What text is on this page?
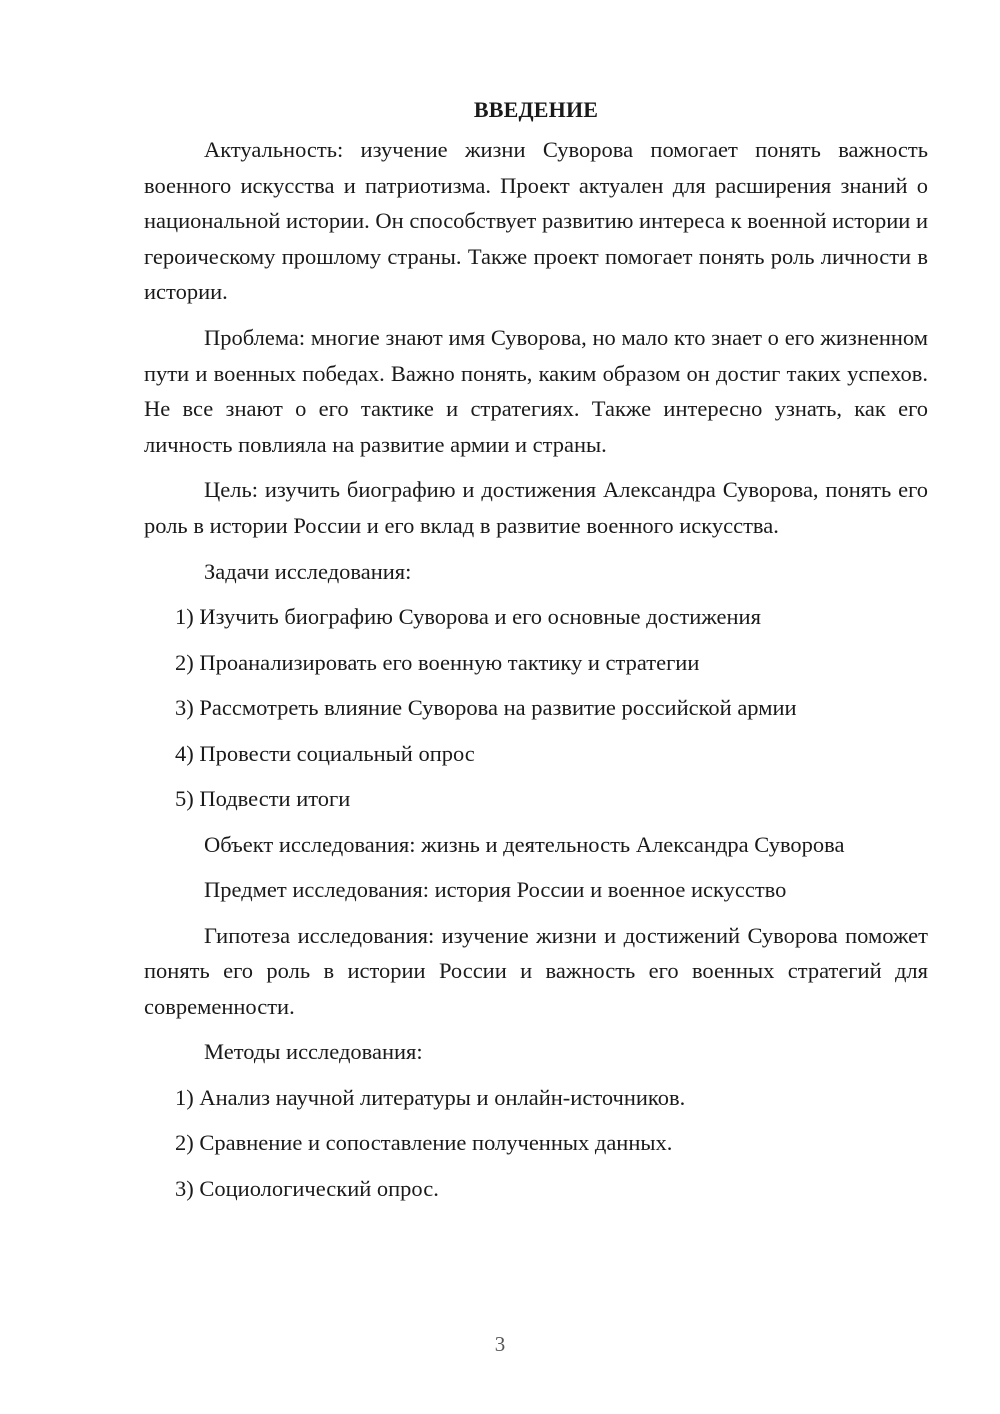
ВВЕДЕНИЕ

Актуальность: изучение жизни Суворова помогает понять важность военного искусства и патриотизма. Проект актуален для расширения знаний о национальной истории. Он способствует развитию интереса к военной истории и героическому прошлому страны. Также проект помогает понять роль личности в истории.

Проблема: многие знают имя Суворова, но мало кто знает о его жизненном пути и военных победах. Важно понять, каким образом он достиг таких успехов. Не все знают о его тактике и стратегиях. Также интересно узнать, как его личность повлияла на развитие армии и страны.

Цель: изучить биографию и достижения Александра Суворова, понять его роль в истории России и его вклад в развитие военного искусства.

Задачи исследования:

1) Изучить биографию Суворова и его основные достижения
2) Проанализировать его военную тактику и стратегии
3) Рассмотреть влияние Суворова на развитие российской армии
4) Провести социальный опрос
5) Подвести итоги

Объект исследования: жизнь и деятельность Александра Суворова

Предмет исследования: история России и военное искусство

Гипотеза исследования: изучение жизни и достижений Суворова поможет понять его роль в истории России и важность его военных стратегий для современности.

Методы исследования:

1) Анализ научной литературы и онлайн-источников.
2) Сравнение и сопоставление полученных данных.
3) Социологический опрос.
3
